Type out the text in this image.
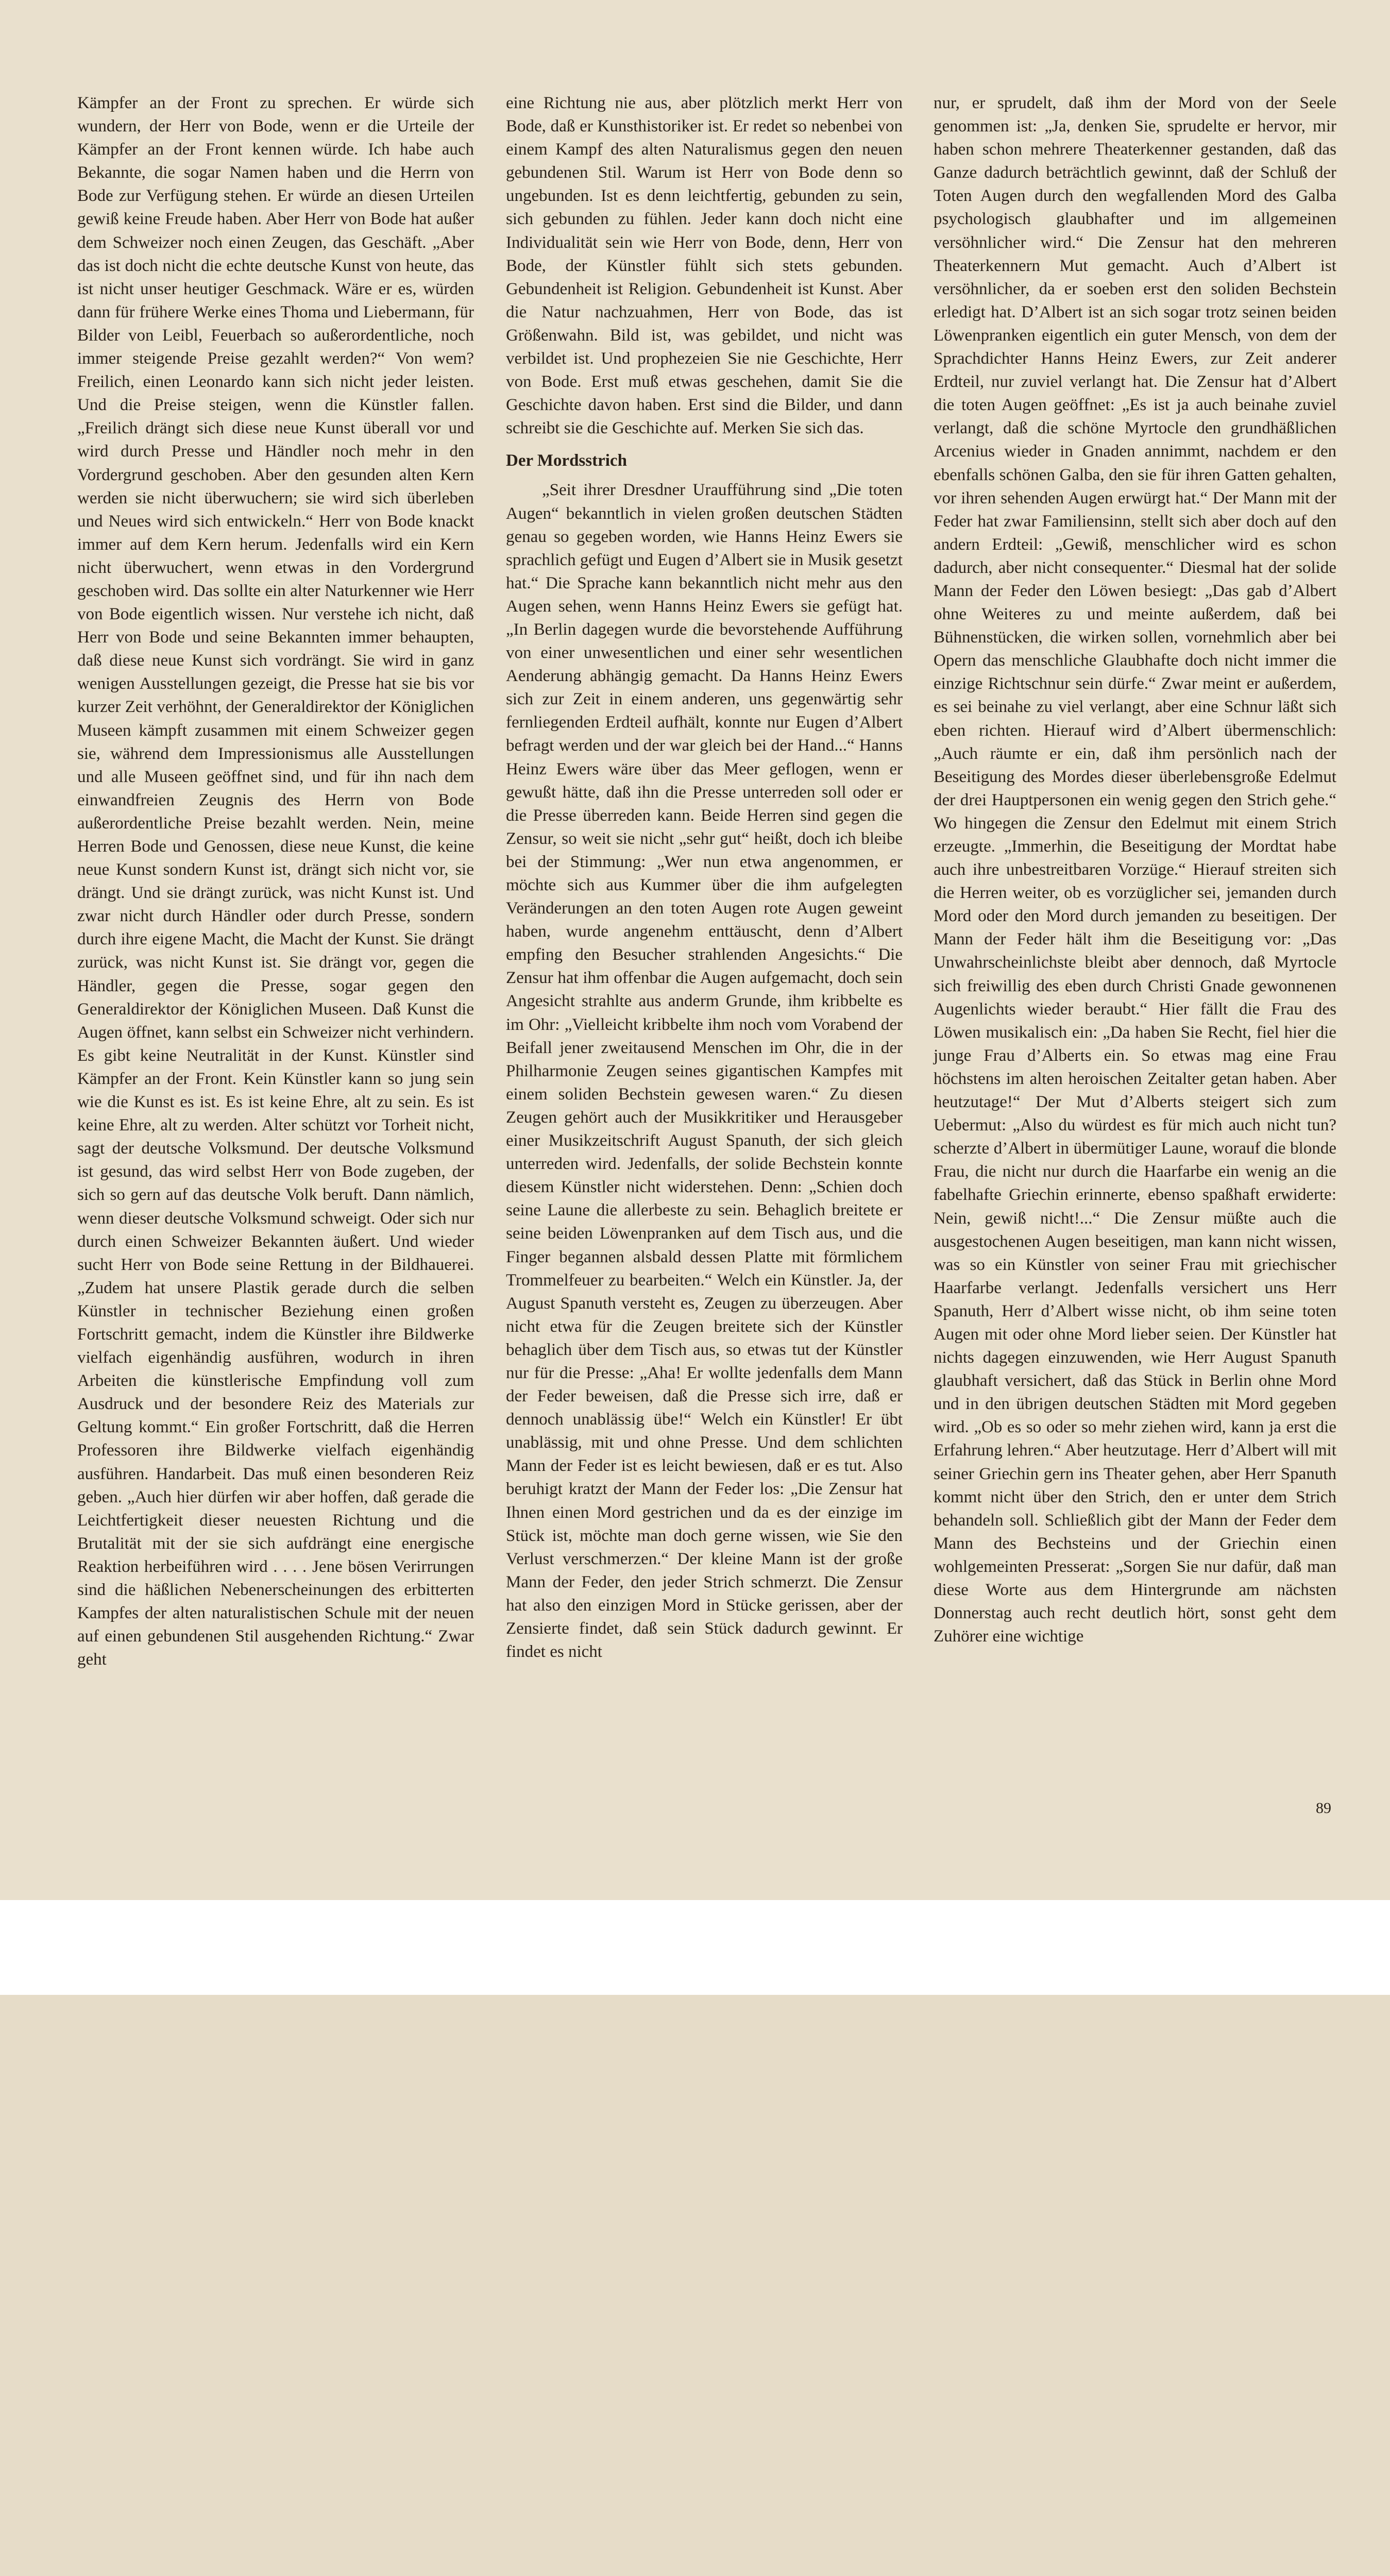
Kämpfer an der Front zu sprechen. Er würde sich wundern, der Herr von Bode, wenn er die Urteile der Kämpfer an der Front kennen würde. Ich habe auch Bekannte, die sogar Namen haben und die Herrn von Bode zur Verfügung stehen. Er würde an diesen Urteilen gewiß keine Freude haben. Aber Herr von Bode hat außer dem Schweizer noch einen Zeugen, das Geschäft. „Aber das ist doch nicht die echte deutsche Kunst von heute, das ist nicht unser heutiger Geschmack. Wäre er es, würden dann für frühere Werke eines Thoma und Liebermann, für Bilder von Leibl, Feuerbach so außerordentliche, noch immer steigende Preise gezahlt werden?“ Von wem? Freilich, einen Leonardo kann sich nicht jeder leisten. Und die Preise steigen, wenn die Künstler fallen. „Freilich drängt sich diese neue Kunst überall vor und wird durch Presse und Händler noch mehr in den Vordergrund geschoben. Aber den gesunden alten Kern werden sie nicht überwuchern; sie wird sich überleben und Neues wird sich entwickeln.“ Herr von Bode knackt immer auf dem Kern herum. Jedenfalls wird ein Kern nicht überwuchert, wenn etwas in den Vordergrund geschoben wird. Das sollte ein alter Naturkenner wie Herr von Bode eigentlich wissen. Nur verstehe ich nicht, daß Herr von Bode und seine Bekannten immer behaupten, daß diese neue Kunst sich vordrängt. Sie wird in ganz wenigen Ausstellungen gezeigt, die Presse hat sie bis vor kurzer Zeit verhöhnt, der Generaldirektor der Königlichen Museen kämpft zusammen mit einem Schweizer gegen sie, während dem Impressionismus alle Ausstellungen und alle Museen geöffnet sind, und für ihn nach dem einwandfreien Zeugnis des Herrn von Bode außerordentliche Preise bezahlt werden. Nein, meine Herren Bode und Genossen, diese neue Kunst, die keine neue Kunst sondern Kunst ist, drängt sich nicht vor, sie drängt. Und sie drängt zurück, was nicht Kunst ist. Und zwar nicht durch Händler oder durch Presse, sondern durch ihre eigene Macht, die Macht der Kunst. Sie drängt zurück, was nicht Kunst ist. Sie drängt vor, gegen die Händler, gegen die Presse, sogar gegen den Generaldirektor der Königlichen Museen. Daß Kunst die Augen öffnet, kann selbst ein Schweizer nicht verhindern. Es gibt keine Neutralität in der Kunst. Künstler sind Kämpfer an der Front. Kein Künstler kann so jung sein wie die Kunst es ist. Es ist keine Ehre, alt zu sein. Es ist keine Ehre, alt zu werden. Alter schützt vor Torheit nicht, sagt der deutsche Volksmund. Der deutsche Volksmund ist gesund, das wird selbst Herr von Bode zugeben, der sich so gern auf das deutsche Volk beruft. Dann nämlich, wenn dieser deutsche Volksmund schweigt. Oder sich nur durch einen Schweizer Bekannten äußert. Und wieder sucht Herr von Bode seine Rettung in der Bildhauerei. „Zudem hat unsere Plastik gerade durch die selben Künstler in technischer Beziehung einen großen Fortschritt gemacht, indem die Künstler ihre Bildwerke vielfach eigenhändig ausführen, wodurch in ihren Arbeiten die künstlerische Empfindung voll zum Ausdruck und der besondere Reiz des Materials zur Geltung kommt.“ Ein großer Fortschritt, daß die Herren Professoren ihre Bildwerke vielfach eigenhändig ausführen. Handarbeit. Das muß einen besonderen Reiz geben. „Auch hier dürfen wir aber hoffen, daß gerade die Leichtfertigkeit dieser neuesten Richtung und die Brutalität mit der sie sich aufdrängt eine energische Reaktion herbeiführen wird . . . . Jene bösen Verirrungen sind die häßlichen Nebenerscheinungen des erbitterten Kampfes der alten naturalistischen Schule mit der neuen auf einen gebundenen Stil ausgehenden Richtung.“ Zwar geht

eine Richtung nie aus, aber plötzlich merkt Herr von Bode, daß er Kunsthistoriker ist. Er redet so nebenbei von einem Kampf des alten Naturalismus gegen den neuen gebundenen Stil. Warum ist Herr von Bode denn so ungebunden. Ist es denn leichtfertig, gebunden zu sein, sich gebunden zu fühlen. Jeder kann doch nicht eine Individualität sein wie Herr von Bode, denn, Herr von Bode, der Künstler fühlt sich stets gebunden. Gebundenheit ist Religion. Gebundenheit ist Kunst. Aber die Natur nachzuahmen, Herr von Bode, das ist Größenwahn. Bild ist, was gebildet, und nicht was verbildet ist. Und prophezeien Sie nie Geschichte, Herr von Bode. Erst muß etwas geschehen, damit Sie die Geschichte davon haben. Erst sind die Bilder, und dann schreibt sie die Geschichte auf. Merken Sie sich das.

Der Mordsstrich

„Seit ihrer Dresdner Uraufführung sind „Die toten Augen“ bekanntlich in vielen großen deutschen Städten genau so gegeben worden, wie Hanns Heinz Ewers sie sprachlich gefügt und Eugen d’Albert sie in Musik gesetzt hat.“ Die Sprache kann bekanntlich nicht mehr aus den Augen sehen, wenn Hanns Heinz Ewers sie gefügt hat. „In Berlin dagegen wurde die bevorstehende Aufführung von einer unwesentlichen und einer sehr wesentlichen Aenderung abhängig gemacht. Da Hanns Heinz Ewers sich zur Zeit in einem anderen, uns gegenwärtig sehr fernliegenden Erdteil aufhält, konnte nur Eugen d’Albert befragt werden und der war gleich bei der Hand...“ Hanns Heinz Ewers wäre über das Meer geflogen, wenn er gewußt hätte, daß ihn die Presse unterreden soll oder er die Presse überreden kann. Beide Herren sind gegen die Zensur, so weit sie nicht „sehr gut“ heißt, doch ich bleibe bei der Stimmung: „Wer nun etwa angenommen, er möchte sich aus Kummer über die ihm aufgelegten Veränderungen an den toten Augen rote Augen geweint haben, wurde angenehm enttäuscht, denn d’Albert empfing den Besucher strahlenden Angesichts.“ Die Zensur hat ihm offenbar die Augen aufgemacht, doch sein Angesicht strahlte aus anderm Grunde, ihm kribbelte es im Ohr: „Vielleicht kribbelte ihm noch vom Vorabend der Beifall jener zweitausend Menschen im Ohr, die in der Philharmonie Zeugen seines gigantischen Kampfes mit einem soliden Bechstein gewesen waren.“ Zu diesen Zeugen gehört auch der Musikkritiker und Herausgeber einer Musikzeitschrift August Spanuth, der sich gleich unterreden wird. Jedenfalls, der solide Bechstein konnte diesem Künstler nicht widerstehen. Denn: „Schien doch seine Laune die allerbeste zu sein. Behaglich breitete er seine beiden Löwenpranken auf dem Tisch aus, und die Finger begannen alsbald dessen Platte mit förmlichem Trommelfeuer zu bearbeiten.“ Welch ein Künstler. Ja, der August Spanuth versteht es, Zeugen zu überzeugen. Aber nicht etwa für die Zeugen breitete sich der Künstler behaglich über dem Tisch aus, so etwas tut der Künstler nur für die Presse: „Aha! Er wollte jedenfalls dem Mann der Feder beweisen, daß die Presse sich irre, daß er dennoch unablässig übe!“ Welch ein Künstler! Er übt unablässig, mit und ohne Presse. Und dem schlichten Mann der Feder ist es leicht bewiesen, daß er es tut. Also beruhigt kratzt der Mann der Feder los: „Die Zensur hat Ihnen einen Mord gestrichen und da es der einzige im Stück ist, möchte man doch gerne wissen, wie Sie den Verlust verschmerzen.“ Der kleine Mann ist der große Mann der Feder, den jeder Strich schmerzt. Die Zensur hat also den einzigen Mord in Stücke gerissen, aber der Zensierte findet, daß sein Stück dadurch gewinnt. Er findet es nicht

nur, er sprudelt, daß ihm der Mord von der Seele genommen ist: „Ja, denken Sie, sprudelte er hervor, mir haben schon mehrere Theaterkenner gestanden, daß das Ganze dadurch beträchtlich gewinnt, daß der Schluß der Toten Augen durch den wegfallenden Mord des Galba psychologisch glaubhafter und im allgemeinen versöhnlicher wird.“ Die Zensur hat den mehreren Theaterkennern Mut gemacht. Auch d’Albert ist versöhnlicher, da er soeben erst den soliden Bechstein erledigt hat. D’Albert ist an sich sogar trotz seinen beiden Löwenpranken eigentlich ein guter Mensch, von dem der Sprachdichter Hanns Heinz Ewers, zur Zeit anderer Erdteil, nur zuviel verlangt hat. Die Zensur hat d’Albert die toten Augen geöffnet: „Es ist ja auch beinahe zuviel verlangt, daß die schöne Myrtocle den grundhäßlichen Arcenius wieder in Gnaden annimmt, nachdem er den ebenfalls schönen Galba, den sie für ihren Gatten gehalten, vor ihren sehenden Augen erwürgt hat.“ Der Mann mit der Feder hat zwar Familiensinn, stellt sich aber doch auf den andern Erdteil: „Gewiß, menschlicher wird es schon dadurch, aber nicht consequenter.“ Diesmal hat der solide Mann der Feder den Löwen besiegt: „Das gab d’Albert ohne Weiteres zu und meinte außerdem, daß bei Bühnenstücken, die wirken sollen, vornehmlich aber bei Opern das menschliche Glaubhafte doch nicht immer die einzige Richtschnur sein dürfe.“ Zwar meint er außerdem, es sei beinahe zu viel verlangt, aber eine Schnur läßt sich eben richten. Hierauf wird d’Albert übermenschlich: „Auch räumte er ein, daß ihm persönlich nach der Beseitigung des Mordes dieser überlebensgroße Edelmut der drei Hauptpersonen ein wenig gegen den Strich gehe.“ Wo hingegen die Zensur den Edelmut mit einem Strich erzeugte. „Immerhin, die Beseitigung der Mordtat habe auch ihre unbestreitbaren Vorzüge.“ Hierauf streiten sich die Herren weiter, ob es vorzüglicher sei, jemanden durch Mord oder den Mord durch jemanden zu beseitigen. Der Mann der Feder hält ihm die Beseitigung vor: „Das Unwahrscheinlichste bleibt aber dennoch, daß Myrtocle sich freiwillig des eben durch Christi Gnade gewonnenen Augenlichts wieder beraubt.“ Hier fällt die Frau des Löwen musikalisch ein: „Da haben Sie Recht, fiel hier die junge Frau d’Alberts ein. So etwas mag eine Frau höchstens im alten heroischen Zeitalter getan haben. Aber heutzutage!“ Der Mut d’Alberts steigert sich zum Uebermut: „Also du würdest es für mich auch nicht tun? scherzte d’Albert in übermütiger Laune, worauf die blonde Frau, die nicht nur durch die Haarfarbe ein wenig an die fabelhafte Griechin erinnerte, ebenso spaßhaft erwiderte: Nein, gewiß nicht!...“ Die Zensur müßte auch die ausgestochenen Augen beseitigen, man kann nicht wissen, was so ein Künstler von seiner Frau mit griechischer Haarfarbe verlangt. Jedenfalls versichert uns Herr Spanuth, Herr d’Albert wisse nicht, ob ihm seine toten Augen mit oder ohne Mord lieber seien. Der Künstler hat nichts dagegen einzuwenden, wie Herr August Spanuth glaubhaft versichert, daß das Stück in Berlin ohne Mord und in den übrigen deutschen Städten mit Mord gegeben wird. „Ob es so oder so mehr ziehen wird, kann ja erst die Erfahrung lehren.“ Aber heutzutage. Herr d’Albert will mit seiner Griechin gern ins Theater gehen, aber Herr Spanuth kommt nicht über den Strich, den er unter dem Strich behandeln soll. Schließlich gibt der Mann der Feder dem Mann des Bechsteins und der Griechin einen wohlgemeinten Presserat: „Sorgen Sie nur dafür, daß man diese Worte aus dem Hintergrunde am nächsten Donnerstag auch recht deutlich hört, sonst geht dem Zuhörer eine wichtige

89
